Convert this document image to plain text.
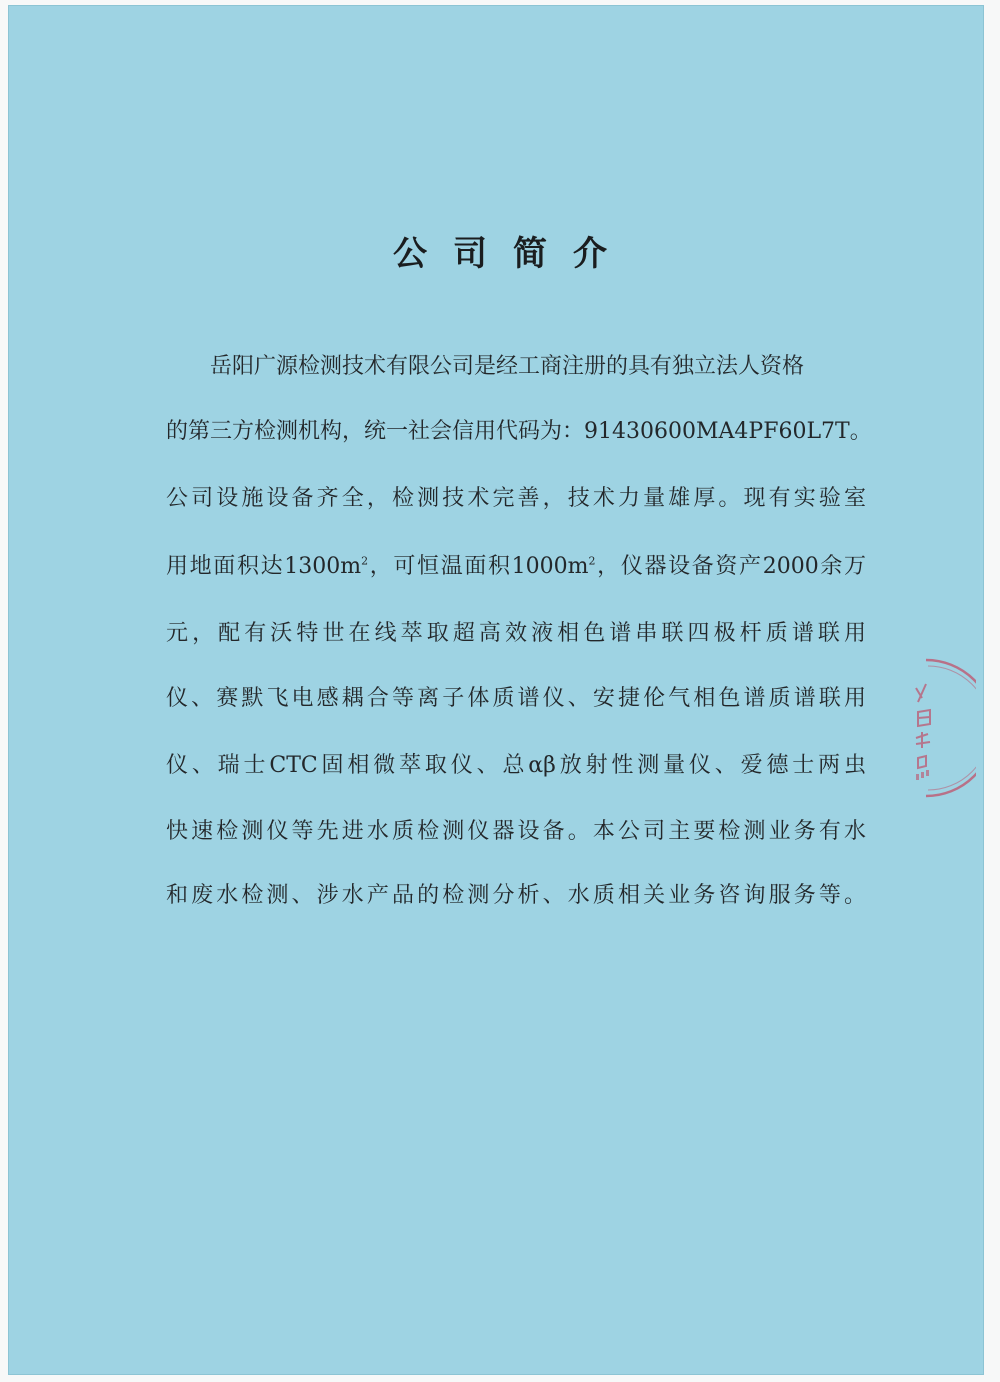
公司简介
岳阳广源检测技术有限公司是经工商注册的具有独立法人资格
的第三方检测机构，统一社会信用代码为：91430600MA4PF60L7T。
公司设施设备齐全，检测技术完善，技术力量雄厚。现有实验室
用地面积达$1300m^2$，可恒温面积$1000m^2$，仪器设备资产2000余万
元，配有沃特世在线萃取超高效液相色谱串联四极杆质谱联用
仪、赛默飞电感耦合等离子体质谱仪、安捷伦气相色谱质谱联用
仪、瑞士CTC固相微萃取仪、总αβ放射性测量仪、爱德士两虫
快速检测仪等先进水质检测仪器设备。本公司主要检测业务有水
和废水检测、涉水产品的检测分析、水质相关业务咨询服务等。
